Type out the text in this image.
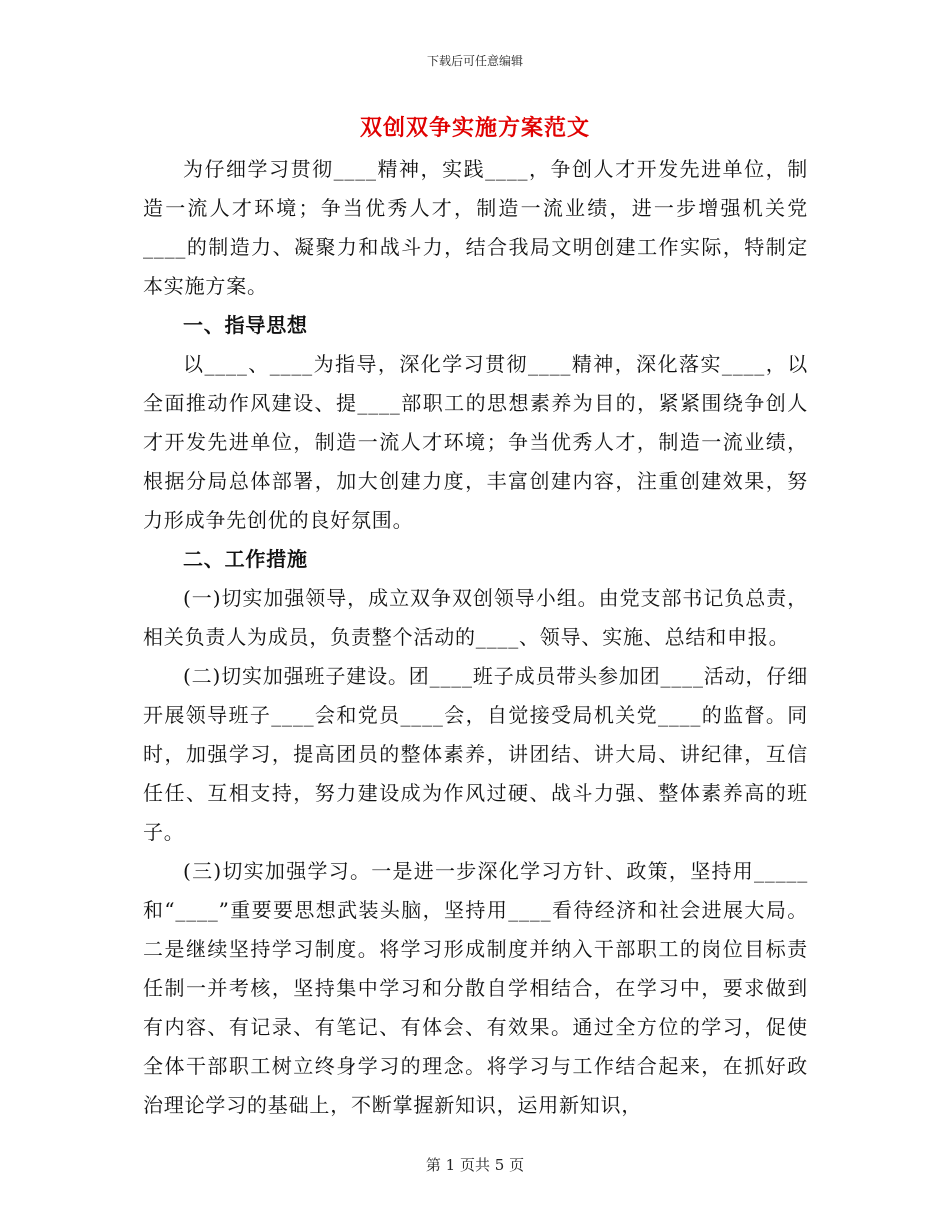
下载后可任意编辑
双创双争实施方案范文

为仔细学习贯彻____精神，实践____，争创人才开发先进单位，制造一流人才环境；争当优秀人才，制造一流业绩，进一步增强机关党____的制造力、凝聚力和战斗力，结合我局文明创建工作实际，特制定本实施方案。

一、指导思想

以____、____为指导，深化学习贯彻____精神，深化落实____，以全面推动作风建设、提____部职工的思想素养为目的，紧紧围绕争创人才开发先进单位，制造一流人才环境；争当优秀人才，制造一流业绩，根据分局总体部署，加大创建力度，丰富创建内容，注重创建效果，努力形成争先创优的良好氛围。

二、工作措施

(一)切实加强领导，成立双争双创领导小组。由党支部书记负总责，相关负责人为成员，负责整个活动的____、领导、实施、总结和申报。

(二)切实加强班子建设。团____班子成员带头参加团____活动，仔细开展领导班子____会和党员____会，自觉接受局机关党____的监督。同时，加强学习，提高团员的整体素养，讲团结、讲大局、讲纪律，互信任任、互相支持，努力建设成为作风过硬、战斗力强、整体素养高的班子。

(三)切实加强学习。一是进一步深化学习方针、政策，坚持用_____和“____”重要要思想武装头脑，坚持用____看待经济和社会进展大局。二是继续坚持学习制度。将学习形成制度并纳入干部职工的岗位目标责任制一并考核，坚持集中学习和分散自学相结合，在学习中，要求做到有内容、有记录、有笔记、有体会、有效果。通过全方位的学习，促使全体干部职工树立终身学习的理念。将学习与工作结合起来，在抓好政治理论学习的基础上，不断掌握新知识，运用新知识，

第 1 页共 5 页
